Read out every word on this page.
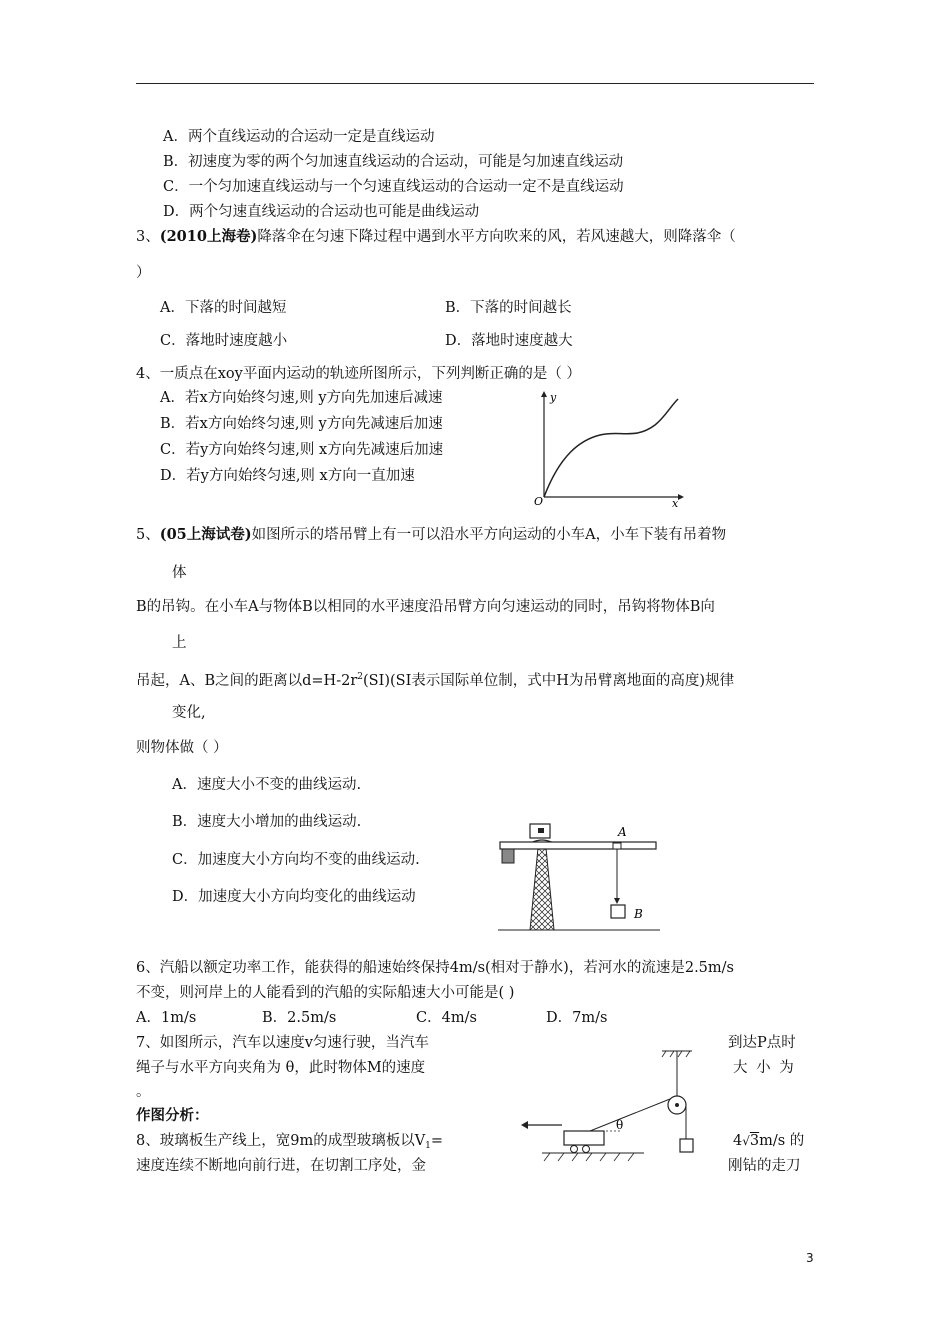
A．两个直线运动的合运动一定是直线运动
B．初速度为零的两个匀加速直线运动的合运动，可能是匀加速直线运动
C．一个匀加速直线运动与一个匀速直线运动的合运动一定不是直线运动
D．两个匀速直线运动的合运动也可能是曲线运动
3、(2010上海卷)降落伞在匀速下降过程中遇到水平方向吹来的风，若风速越大，则降落伞（
）
A．下落的时间越短	B．下落的时间越长
C．落地时速度越小	D．落地时速度越大
4、一质点在xoy平面内运动的轨迹所图所示，下列判断正确的是（ ）
A．若x方向始终匀速,则 y方向先加速后减速
B．若x方向始终匀速,则 y方向先减速后加速
C．若y方向始终匀速,则 x方向先减速后加速
D．若y方向始终匀速,则 x方向一直加速
y
x
O
5、(05上海试卷)如图所示的塔吊臂上有一可以沿水平方向运动的小车A，小车下装有吊着物
体
B的吊钩。在小车A与物体B以相同的水平速度沿吊臂方向匀速运动的同时，吊钩将物体B向
上
吊起，A、B之间的距离以$d=H-2r^2(SI)(SI$表示国际单位制，式中H为吊臂离地面的高度)规律
变化,
则物体做（ ）
A．速度大小不变的曲线运动.
B．速度大小增加的曲线运动.
C．加速度大小方向均不变的曲线运动.
D．加速度大小方向均变化的曲线运动
A
B
6、汽船以额定功率工作，能获得的船速始终保持4m/s(相对于静水)，若河水的流速是2.5m/s
不变，则河岸上的人能看到的汽船的实际船速大小可能是( )
A．1m/s	B．2.5m/s	C．4m/s	D．7m/s
7、如图所示，汽车以速度v匀速行驶，当汽车	到达P点时
绳子与水平方向夹角为 θ，此时物体M的速度	大 小 为
。
作图分析：
8、玻璃板生产线上，宽9m的成型玻璃板以$V_1=$	4√3m/s 的
速度连续不断地向前行进，在切割工序处，金	刚钻的走刀
θ
3
